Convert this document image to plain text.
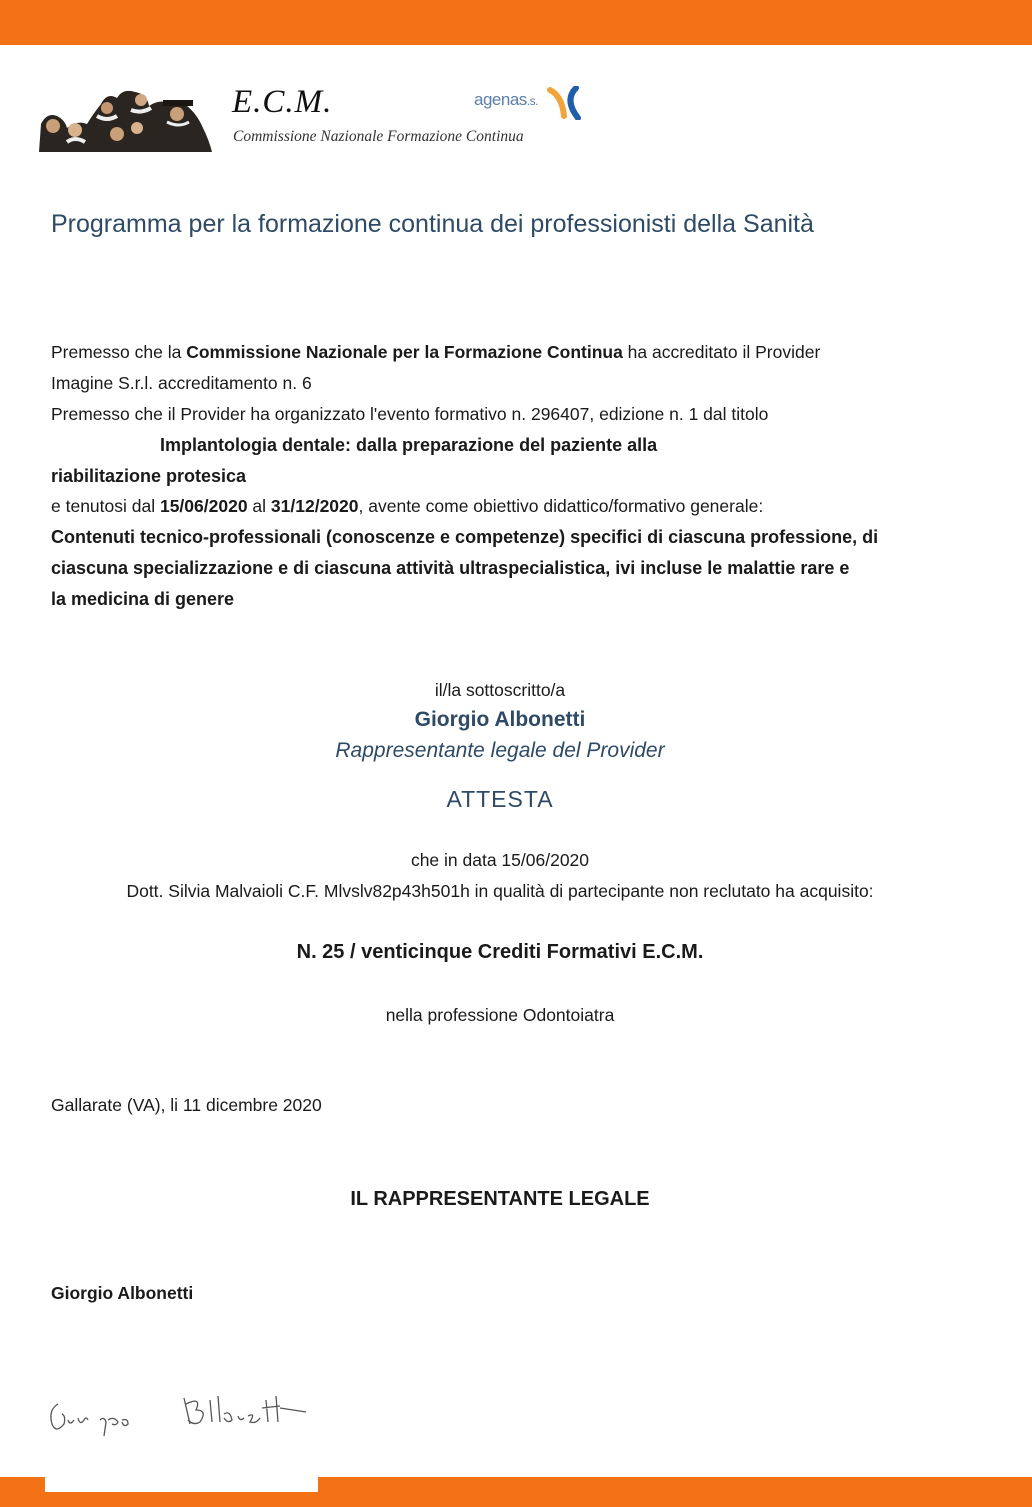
E.C.M.
Commissione Nazionale Formazione Continua
agenas.s.
Programma per la formazione continua dei professionisti della Sanità
Premesso che la Commissione Nazionale per la Formazione Continua ha accreditato il Provider
Imagine S.r.l. accreditamento n. 6
Premesso che il Provider ha organizzato l'evento formativo n. 296407, edizione n. 1 dal titolo
Implantologia dentale: dalla preparazione del paziente alla
riabilitazione protesica
e tenutosi dal 15/06/2020 al 31/12/2020, avente come obiettivo didattico/formativo generale:
Contenuti tecnico-professionali (conoscenze e competenze) specifici di ciascuna professione, di
ciascuna specializzazione e di ciascuna attività ultraspecialistica, ivi incluse le malattie rare e
la medicina di genere
il/la sottoscritto/a
Giorgio Albonetti
Rappresentante legale del Provider
ATTESTA
che in data 15/06/2020
Dott. Silvia Malvaioli C.F. Mlvslv82p43h501h in qualità di partecipante non reclutato ha acquisito:
N. 25 / venticinque Crediti Formativi E.C.M.
nella professione Odontoiatra
Gallarate (VA), li 11 dicembre 2020
IL RAPPRESENTANTE LEGALE
Giorgio Albonetti
